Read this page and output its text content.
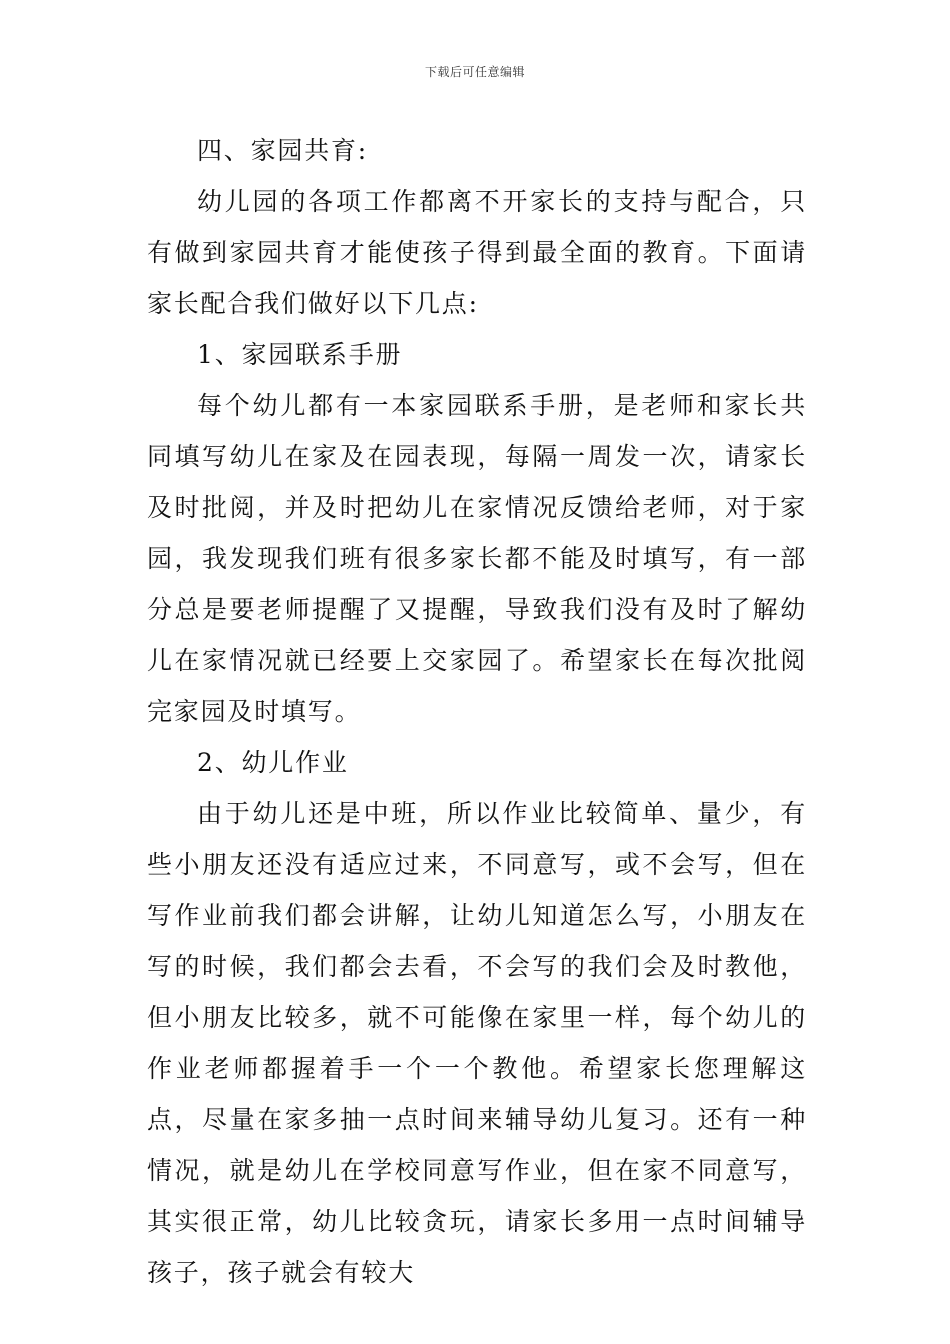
下载后可任意编辑

四、家园共育:

幼儿园的各项工作都离不开家长的支持与配合，只有做到家园共育才能使孩子得到最全面的教育。下面请家长配合我们做好以下几点:

1、家园联系手册

每个幼儿都有一本家园联系手册，是老师和家长共同填写幼儿在家及在园表现，每隔一周发一次，请家长及时批阅，并及时把幼儿在家情况反馈给老师，对于家园，我发现我们班有很多家长都不能及时填写，有一部分总是要老师提醒了又提醒，导致我们没有及时了解幼儿在家情况就已经要上交家园了。希望家长在每次批阅完家园及时填写。

2、幼儿作业

由于幼儿还是中班，所以作业比较简单、量少，有些小朋友还没有适应过来，不同意写，或不会写，但在写作业前我们都会讲解，让幼儿知道怎么写，小朋友在写的时候，我们都会去看，不会写的我们会及时教他，但小朋友比较多，就不可能像在家里一样，每个幼儿的作业老师都握着手一个一个教他。希望家长您理解这点，尽量在家多抽一点时间来辅导幼儿复习。还有一种情况，就是幼儿在学校同意写作业，但在家不同意写，其实很正常，幼儿比较贪玩，请家长多用一点时间辅导孩子，孩子就会有较大
